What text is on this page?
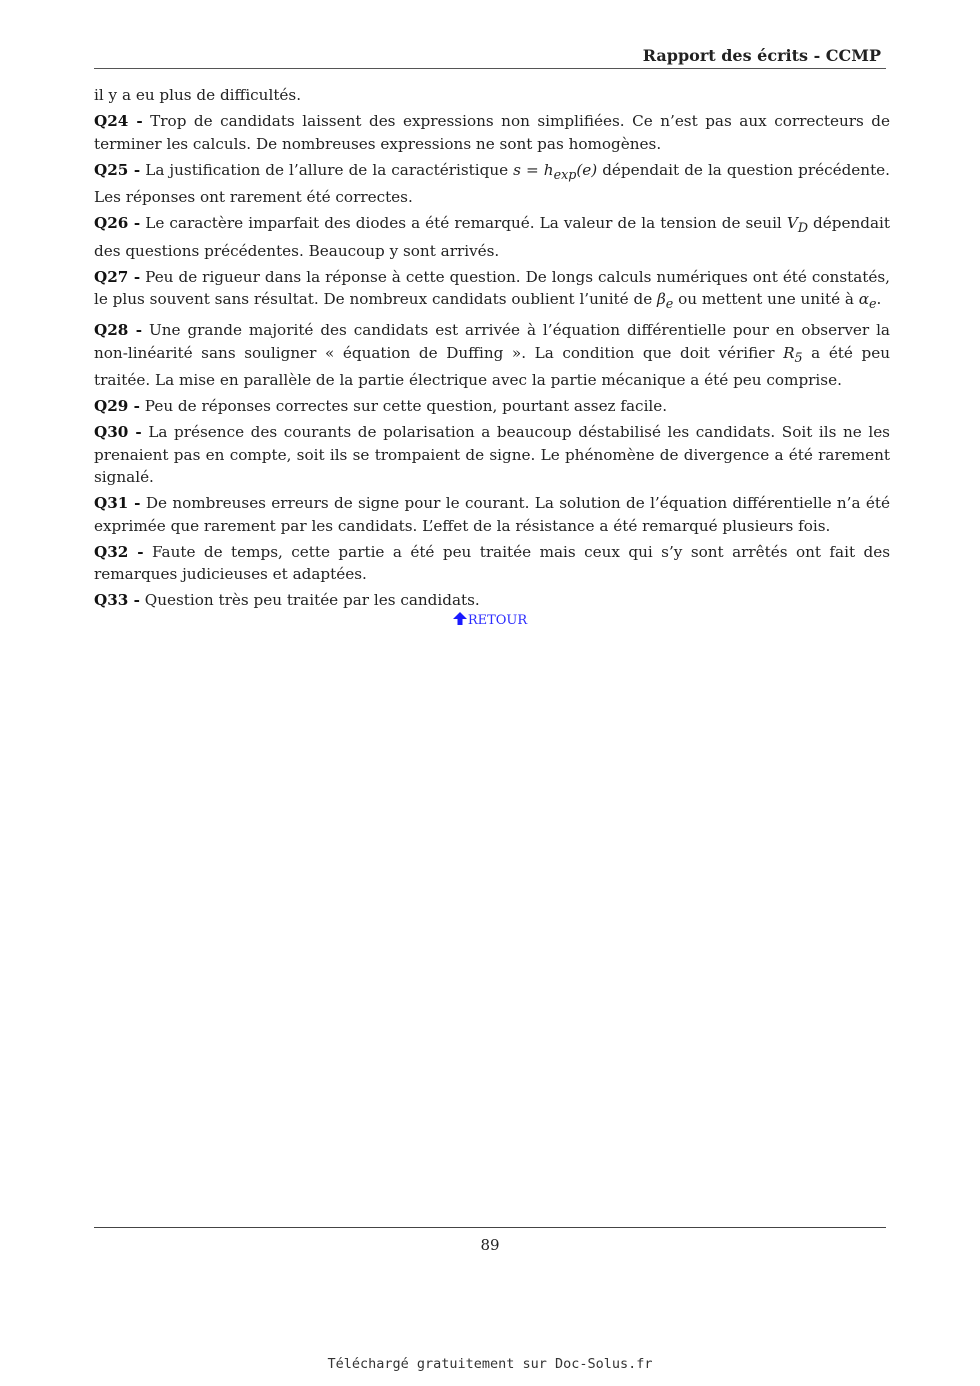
Rapport des écrits - CCMP

il y a eu plus de difficultés.

Q24 - Trop de candidats laissent des expressions non simplifiées. Ce n’est pas aux correcteurs de terminer les calculs. De nombreuses expressions ne sont pas homogènes.

Q25 - La justification de l’allure de la caractéristique $s = h_{exp}(e)$ dépendait de la question précédente. Les réponses ont rarement été correctes.

Q26 - Le caractère imparfait des diodes a été remarqué. La valeur de la tension de seuil $V_D$ dépendait des questions précédentes. Beaucoup y sont arrivés.

Q27 - Peu de rigueur dans la réponse à cette question. De longs calculs numériques ont été constatés, le plus souvent sans résultat. De nombreux candidats oublient l’unité de $\beta_e$ ou mettent une unité à $\alpha_e$.

Q28 - Une grande majorité des candidats est arrivée à l’équation différentielle pour en observer la non-linéarité sans souligner « équation de Duffing ». La condition que doit vérifier $R_5$ a été peu traitée. La mise en parallèle de la partie électrique avec la partie mécanique a été peu comprise.

Q29 - Peu de réponses correctes sur cette question, pourtant assez facile.

Q30 - La présence des courants de polarisation a beaucoup déstabilisé les candidats. Soit ils ne les prenaient pas en compte, soit ils se trompaient de signe. Le phénomène de divergence a été rarement signalé.

Q31 - De nombreuses erreurs de signe pour le courant. La solution de l’équation différentielle n’a été exprimée que rarement par les candidats. L’effet de la résistance a été remarqué plusieurs fois.

Q32 - Faute de temps, cette partie a été peu traitée mais ceux qui s’y sont arrêtés ont fait des remarques judicieuses et adaptées.

Q33 - Question très peu traitée par les candidats.

RETOUR
89
Téléchargé gratuitement sur Doc-Solus.fr
